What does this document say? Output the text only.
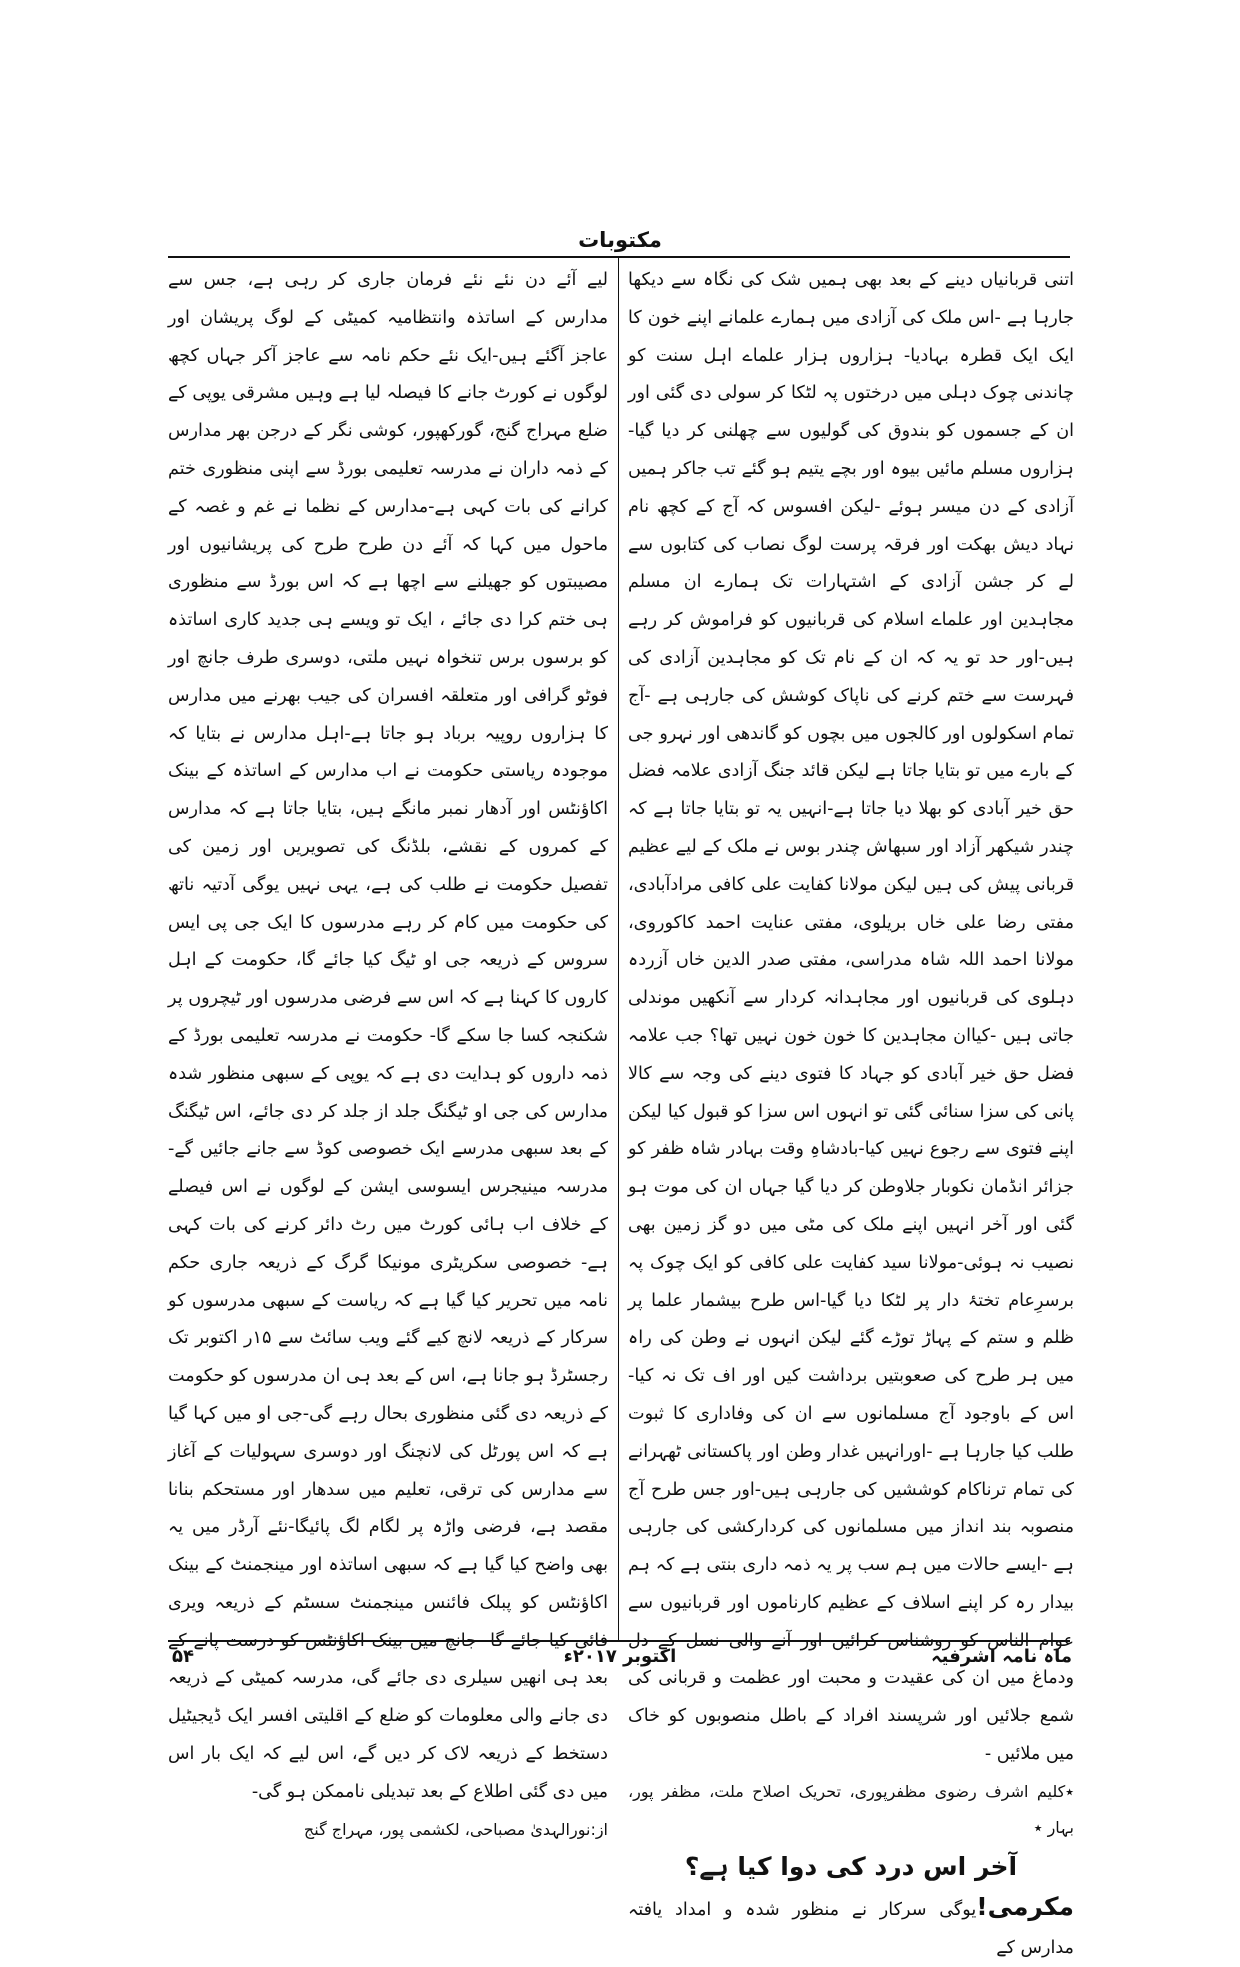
مکتوبات

اتنی قربانیاں دینے کے بعد بھی ہمیں شک کی نگاہ سے دیکھا جارہا ہے -اس ملک کی آزادی میں ہمارے علمانے اپنے خون کا ایک ایک قطرہ بہادیا- ہزاروں ہزار علماے اہل سنت کو چاندنی چوک دہلی میں درختوں پہ لٹکا کر سولی دی گئی اور ان کے جسموں کو بندوق کی گولیوں سے چھلنی کر دیا گیا- ہزاروں مسلم مائیں بیوہ اور بچے یتیم ہو گئے تب جاکر ہمیں آزادی کے دن میسر ہوئے -لیکن افسوس کہ آج کے کچھ نام نہاد دیش بھکت اور فرقہ پرست لوگ نصاب کی کتابوں سے لے کر جشن آزادی کے اشتہارات تک ہمارے ان مسلم مجاہدین اور علماے اسلام کی قربانیوں کو فراموش کر رہے ہیں-اور حد تو یہ کہ ان کے نام تک کو مجاہدین آزادی کی فہرست سے ختم کرنے کی ناپاک کوشش کی جارہی ہے -آج تمام اسکولوں اور کالجوں میں بچوں کو گاندھی اور نہرو جی کے بارے میں تو بتایا جاتا ہے لیکن قائد جنگ آزادی علامہ فضل حق خیر آبادی کو بھلا دیا جاتا ہے-انہیں یہ تو بتایا جاتا ہے کہ چندر شیکھر آزاد اور سبھاش چندر بوس نے ملک کے لیے عظیم قربانی پیش کی ہیں لیکن مولانا کفایت علی کافی مرادآبادی، مفتی رضا علی خاں بریلوی، مفتی عنایت احمد کاکوروی، مولانا احمد اللہ شاہ مدراسی، مفتی صدر الدین خاں آزردہ دہلوی کی قربانیوں اور مجاہدانہ کردار سے آنکھیں موندلی جاتی ہیں -کیاان مجاہدین کا خون خون نہیں تھا؟ جب علامہ فضل حق خیر آبادی کو جہاد کا فتوی دینے کی وجہ سے کالا پانی کی سزا سنائی گئی تو انہوں اس سزا کو قبول کیا لیکن اپنے فتوی سے رجوع نہیں کیا-بادشاہِ وقت بہادر شاہ ظفر کو جزائر انڈمان نکوبار جلاوطن کر دیا گیا جہاں ان کی موت ہو گئی اور آخر انہیں اپنے ملک کی مٹی میں دو گز زمین بھی نصیب نہ ہوئی-مولانا سید کفایت علی کافی کو ایک چوک پہ برسرِعام تختۂ دار پر لٹکا دیا گیا-اس طرح بیشمار علما پر ظلم و ستم کے پہاڑ توڑے گئے لیکن انہوں نے وطن کی راہ میں ہر طرح کی صعوبتیں برداشت کیں اور اف تک نہ کیا-اس کے باوجود آج مسلمانوں سے ان کی وفاداری کا ثبوت طلب کیا جارہا ہے -اورانہیں غدار وطن اور پاکستانی ٹھہرانے کی تمام ترناکام کوششیں کی جارہی ہیں-اور جس طرح آج منصوبہ بند انداز میں مسلمانوں کی کردارکشی کی جارہی ہے -ایسے حالات میں ہم سب پر یہ ذمہ داری بنتی ہے کہ ہم بیدار رہ کر اپنے اسلاف کے عظیم کارناموں اور قربانیوں سے عوام الناس کو روشناس کرائیں اور آنے والی نسل کے دل ودماغ میں ان کی عقیدت و محبت اور عظمت و قربانی کی شمع جلائیں اور شرپسند افراد کے باطل منصوبوں کو خاک میں ملائیں -

٭کلیم اشرف رضوی مظفرپوری، تحریک اصلاح ملت، مظفر پور، بہار ٭

آخر اس درد کی دوا کیا ہے؟

مکرمی!یوگی سرکار نے منظور شدہ و امداد یافتہ مدارس کے

لیے آئے دن نئے نئے فرمان جاری کر رہی ہے، جس سے مدارس کے اساتذہ وانتظامیہ کمیٹی کے لوگ پریشان اور عاجز آگئے ہیں-ایک نئے حکم نامہ سے عاجز آکر جہاں کچھ لوگوں نے کورٹ جانے کا فیصلہ لیا ہے وہیں مشرقی یوپی کے ضلع مہراج گنج، گورکھپور، کوشی نگر کے درجن بھر مدارس کے ذمہ داران نے مدرسہ تعلیمی بورڈ سے اپنی منظوری ختم کرانے کی بات کہی ہے-مدارس کے نظما نے غم و غصہ کے ماحول میں کہا کہ آئے دن طرح طرح کی پریشانیوں اور مصیبتوں کو جھیلنے سے اچھا ہے کہ اس بورڈ سے منظوری ہی ختم کرا دی جائے ، ایک تو ویسے ہی جدید کاری اساتذہ کو برسوں برس تنخواہ نہیں ملتی، دوسری طرف جانچ اور فوٹو گرافی اور متعلقہ افسران کی جیب بھرنے میں مدارس کا ہزاروں روپیہ برباد ہو جاتا ہے-اہل مدارس نے بتایا کہ موجودہ ریاستی حکومت نے اب مدارس کے اساتذہ کے بینک اکاؤنٹس اور آدھار نمبر مانگے ہیں، بتایا جاتا ہے کہ مدارس کے کمروں کے نقشے، بلڈنگ کی تصویریں اور زمین کی تفصیل حکومت نے طلب کی ہے، یہی نہیں یوگی آدتیہ ناتھ کی حکومت میں کام کر رہے مدرسوں کا ایک جی پی ایس سروس کے ذریعہ جی او ٹیگ کیا جائے گا، حکومت کے اہل کاروں کا کہنا ہے کہ اس سے فرضی مدرسوں اور ٹیچروں پر شکنجہ کسا جا سکے گا- حکومت نے مدرسہ تعلیمی بورڈ کے ذمہ داروں کو ہدایت دی ہے کہ یوپی کے سبھی منظور شدہ مدارس کی جی او ٹیگنگ جلد از جلد کر دی جائے، اس ٹیگنگ کے بعد سبھی مدرسے ایک خصوصی کوڈ سے جانے جائیں گے- مدرسہ مینیجرس ایسوسی ایشن کے لوگوں نے اس فیصلے کے خلاف اب ہائی کورٹ میں رٹ دائر کرنے کی بات کہی ہے- خصوصی سکریٹری مونیکا گرگ کے ذریعہ جاری حکم نامہ میں تحریر کیا گیا ہے کہ ریاست کے سبھی مدرسوں کو سرکار کے ذریعہ لانچ کیے گئے ویب سائٹ سے ۱۵ر اکتوبر تک رجسٹرڈ ہو جانا ہے، اس کے بعد ہی ان مدرسوں کو حکومت کے ذریعہ دی گئی منظوری بحال رہے گی-جی او میں کہا گیا ہے کہ اس پورٹل کی لانچنگ اور دوسری سہولیات کے آغاز سے مدارس کی ترقی، تعلیم میں سدھار اور مستحکم بنانا مقصد ہے، فرضی واڑہ پر لگام لگ پائیگا-نئے آرڈر میں یہ بھی واضح کیا گیا ہے کہ سبھی اساتذہ اور مینجمنٹ کے بینک اکاؤنٹس کو پبلک فائنس مینجمنٹ سسٹم کے ذریعہ ویری فائی کیا جائے گا- جانچ میں بینک اکاؤنٹس کو درست پانے کے بعد ہی انھیں سیلری دی جائے گی، مدرسہ کمیٹی کے ذریعہ دی جانے والی معلومات کو ضلع کے اقلیتی افسر ایک ڈیجیٹیل دستخط کے ذریعہ لاک کر دیں گے، اس لیے کہ ایک بار اس میں دی گئی اطلاع کے بعد تبدیلی ناممکن ہو گی-

از:نورالہدیٰ مصباحی، لکشمی پور، مہراج گنج

۵۴	اکتوبر ۲۰۱۷ء	ماہ نامہ اشرفیہ
